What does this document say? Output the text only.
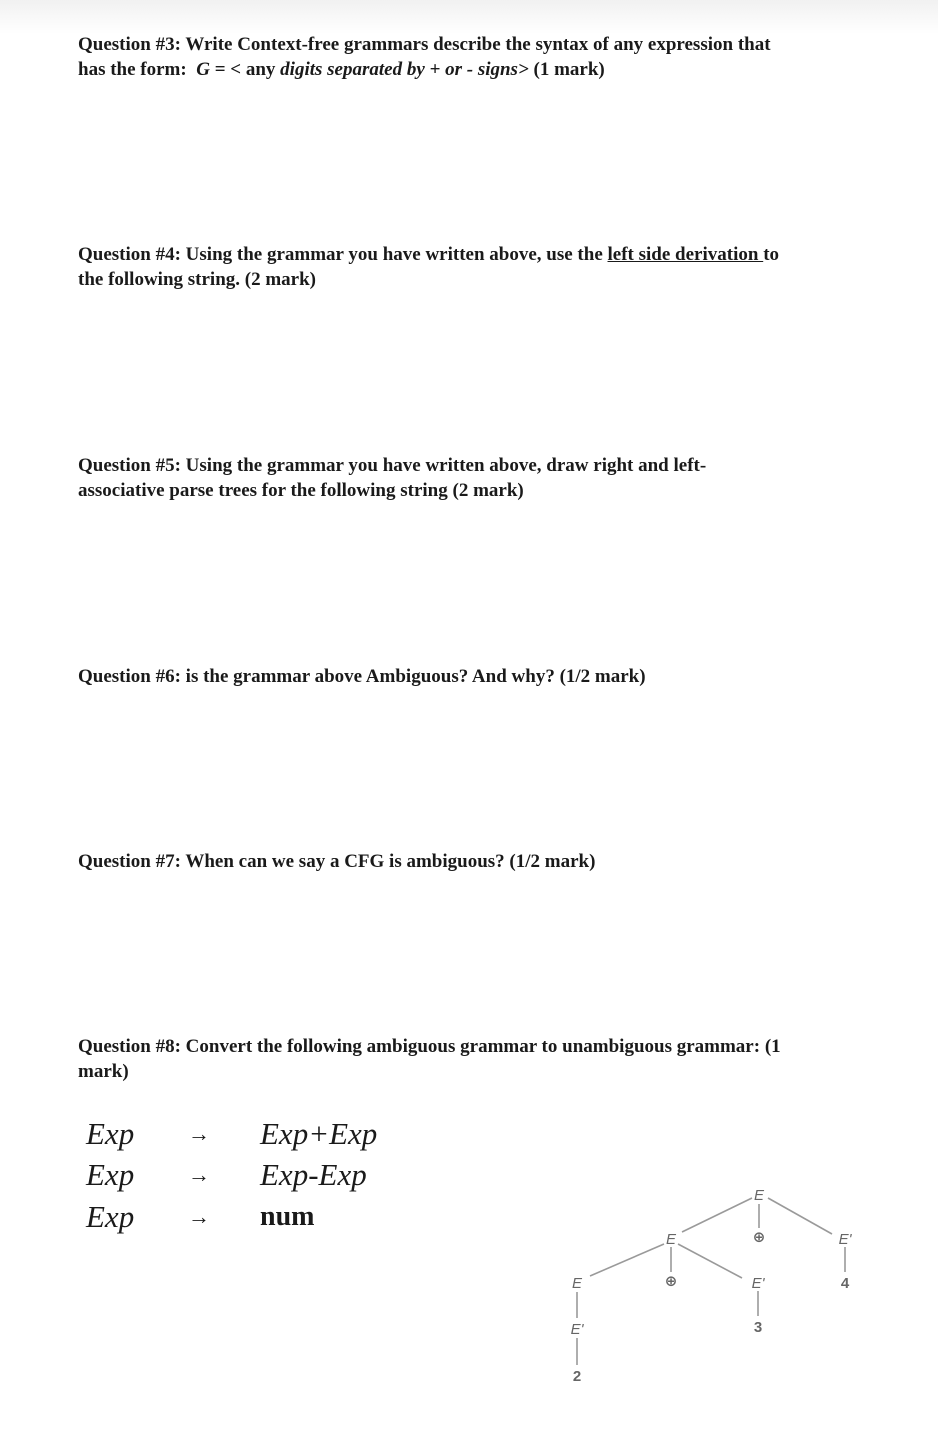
Question #3: Write Context-free grammars describe the syntax of any expression that
has the form: G = < any digits separated by + or - signs> (1 mark)

Question #4: Using the grammar you have written above, use the left side derivation to
the following string. (2 mark)

Question #5: Using the grammar you have written above, draw right and left-
associative parse trees for the following string (2 mark)

Question #6: is the grammar above Ambiguous? And why? (1/2 mark)

Question #7: When can we say a CFG is ambiguous? (1/2 mark)

Question #8: Convert the following ambiguous grammar to unambiguous grammar: (1
mark)

Exp → Exp+Exp
Exp → Exp-Exp
Exp → num
E
E
E
E'
E'
E'
⊕
⊕
2
3
4
